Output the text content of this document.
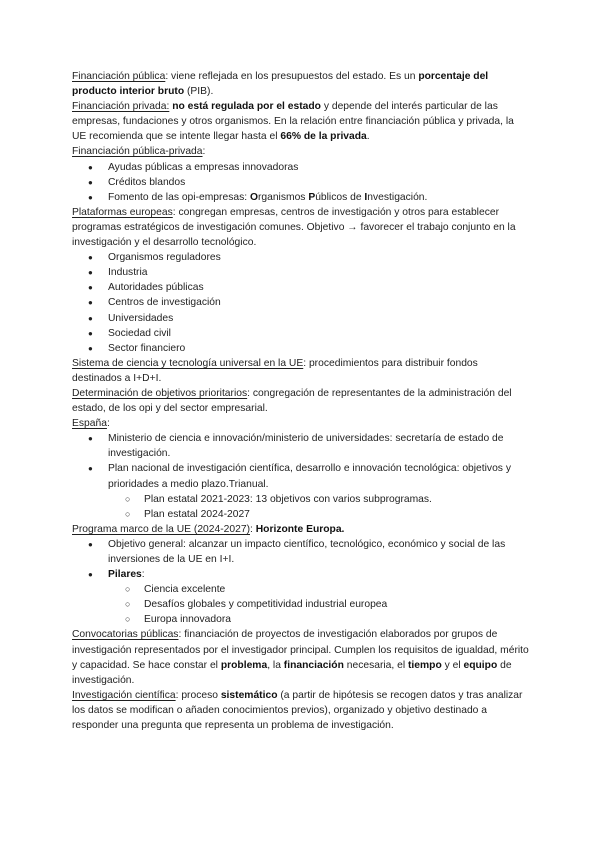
Financiación pública: viene reflejada en los presupuestos del estado. Es un porcentaje del producto interior bruto (PIB).

Financiación privada: no está regulada por el estado y depende del interés particular de las empresas, fundaciones y otros organismos. En la relación entre financiación pública y privada, la UE recomienda que se intente llegar hasta el 66% de la privada.

Financiación pública-privada:

● Ayudas públicas a empresas innovadoras
● Créditos blandos
● Fomento de las opi-empresas: Organismos Públicos de Investigación.

Plataformas europeas: congregan empresas, centros de investigación y otros para establecer programas estratégicos de investigación comunes. Objetivo → favorecer el trabajo conjunto en la investigación y el desarrollo tecnológico.

● Organismos reguladores
● Industria
● Autoridades públicas
● Centros de investigación
● Universidades
● Sociedad civil
● Sector financiero

Sistema de ciencia y tecnología universal en la UE: procedimientos para distribuir fondos destinados a I+D+I.

Determinación de objetivos prioritarios: congregación de representantes de la administración del estado, de los opi y del sector empresarial.

España:

● Ministerio de ciencia e innovación/ministerio de universidades: secretaría de estado de investigación.
● Plan nacional de investigación científica, desarrollo e innovación tecnológica: objetivos y prioridades a medio plazo.Trianual.
○ Plan estatal 2021-2023: 13 objetivos con varios subprogramas.
○ Plan estatal 2024-2027

Programa marco de la UE (2024-2027): Horizonte Europa.

● Objetivo general: alcanzar un impacto científico, tecnológico, económico y social de las inversiones de la UE en I+I.
● Pilares:
○ Ciencia excelente
○ Desafíos globales y competitividad industrial europea
○ Europa innovadora

Convocatorias públicas: financiación de proyectos de investigación elaborados por grupos de investigación representados por el investigador principal. Cumplen los requisitos de igualdad, mérito y capacidad. Se hace constar el problema, la financiación necesaria, el tiempo y el equipo de investigación.

Investigación científica: proceso sistemático (a partir de hipótesis se recogen datos y tras analizar los datos se modifican o añaden conocimientos previos), organizado y objetivo destinado a responder una pregunta que representa un problema de investigación.
